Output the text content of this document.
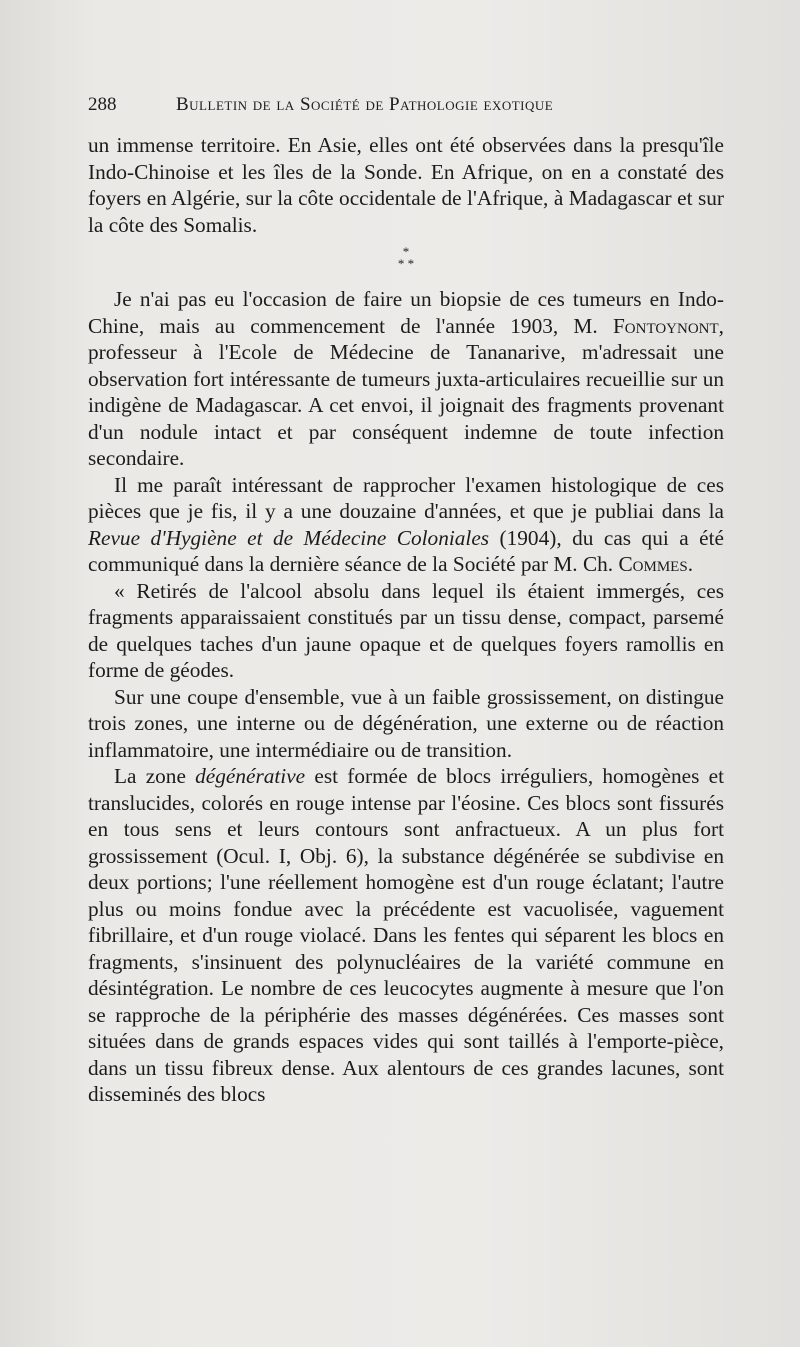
288	Bulletin de la Société de Pathologie exotique

un immense territoire. En Asie, elles ont été observées dans la presqu'île Indo-Chinoise et les îles de la Sonde. En Afrique, on en a constaté des foyers en Algérie, sur la côte occidentale de l'Afrique, à Madagascar et sur la côte des Somalis.

*
* *

Je n'ai pas eu l'occasion de faire un biopsie de ces tumeurs en Indo-Chine, mais au commencement de l'année 1903, M. Fontoynont, professeur à l'Ecole de Médecine de Tananarive, m'adressait une observation fort intéressante de tumeurs juxta-articulaires recueillie sur un indigène de Madagascar. A cet envoi, il joignait des fragments provenant d'un nodule intact et par conséquent indemne de toute infection secondaire.

Il me paraît intéressant de rapprocher l'examen histologique de ces pièces que je fis, il y a une douzaine d'années, et que je publiai dans la Revue d'Hygiène et de Médecine Coloniales (1904), du cas qui a été communiqué dans la dernière séance de la Société par M. Ch. Commes.

« Retirés de l'alcool absolu dans lequel ils étaient immergés, ces fragments apparaissaient constitués par un tissu dense, compact, parsemé de quelques taches d'un jaune opaque et de quelques foyers ramollis en forme de géodes.

Sur une coupe d'ensemble, vue à un faible grossissement, on distingue trois zones, une interne ou de dégénération, une externe ou de réaction inflammatoire, une intermédiaire ou de transition.

La zone dégénérative est formée de blocs irréguliers, homogènes et translucides, colorés en rouge intense par l'éosine. Ces blocs sont fissurés en tous sens et leurs contours sont anfractueux. A un plus fort grossissement (Ocul. I, Obj. 6), la substance dégénérée se subdivise en deux portions; l'une réellement homogène est d'un rouge éclatant; l'autre plus ou moins fondue avec la précédente est vacuolisée, vaguement fibrillaire, et d'un rouge violacé. Dans les fentes qui séparent les blocs en fragments, s'insinuent des polynucléaires de la variété commune en désintégration. Le nombre de ces leucocytes augmente à mesure que l'on se rapproche de la périphérie des masses dégénérées. Ces masses sont situées dans de grands espaces vides qui sont taillés à l'emporte-pièce, dans un tissu fibreux dense. Aux alentours de ces grandes lacunes, sont disseminés des blocs
